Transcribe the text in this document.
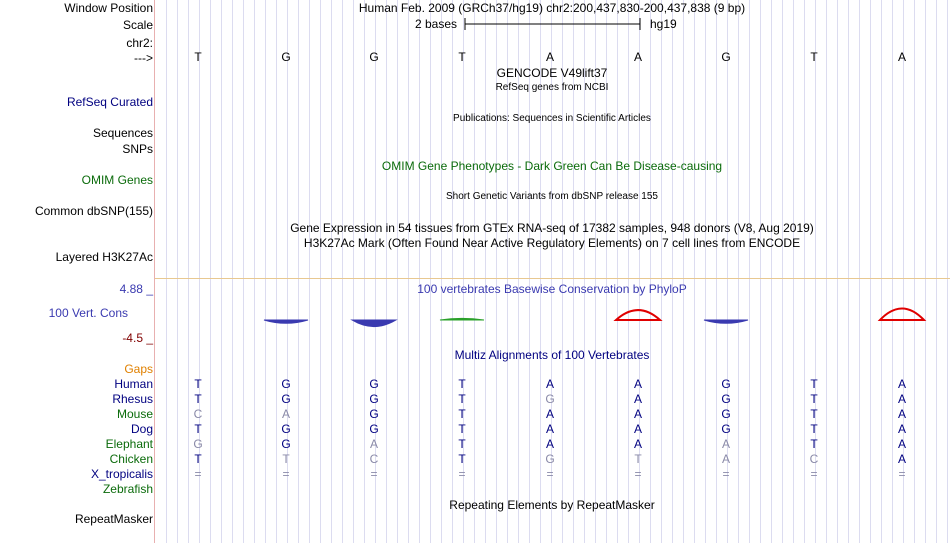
Window Position	Human Feb. 2009 (GRCh37/hg19) chr2:200,437,830-200,437,838 (9 bp)
Scale	2 bases	hg19
chr2:
--->	T	G	G	T	A	A	G	T	A
GENCODE V49lift37
RefSeq genes from NCBI
RefSeq Curated
Publications: Sequences in Scientific Articles
Sequences
SNPs
OMIM Gene Phenotypes - Dark Green Can Be Disease-causing
OMIM Genes
Short Genetic Variants from dbSNP release 155
Common dbSNP(155)
Gene Expression in 54 tissues from GTEx RNA-seq of 17382 samples, 948 donors (V8, Aug 2019)
H3K27Ac Mark (Often Found Near Active Regulatory Elements) on 7 cell lines from ENCODE
Layered H3K27Ac
100 vertebrates Basewise Conservation by PhyloP
4.88 _
100 Vert. Cons
-4.5 _
Multiz Alignments of 100 Vertebrates
Gaps
Human	T	G	G	T	A	A	G	T	A
Rhesus	T	G	G	T	G	A	G	T	A
Mouse	C	A	G	T	A	A	G	T	A
Dog	T	G	G	T	A	A	G	T	A
Elephant	G	G	A	T	A	A	A	T	A
Chicken	T	T	C	T	G	T	A	C	A
X_tropicalis	=	=	=	=	=	=	=	=	=
Zebrafish
Repeating Elements by RepeatMasker
RepeatMasker
